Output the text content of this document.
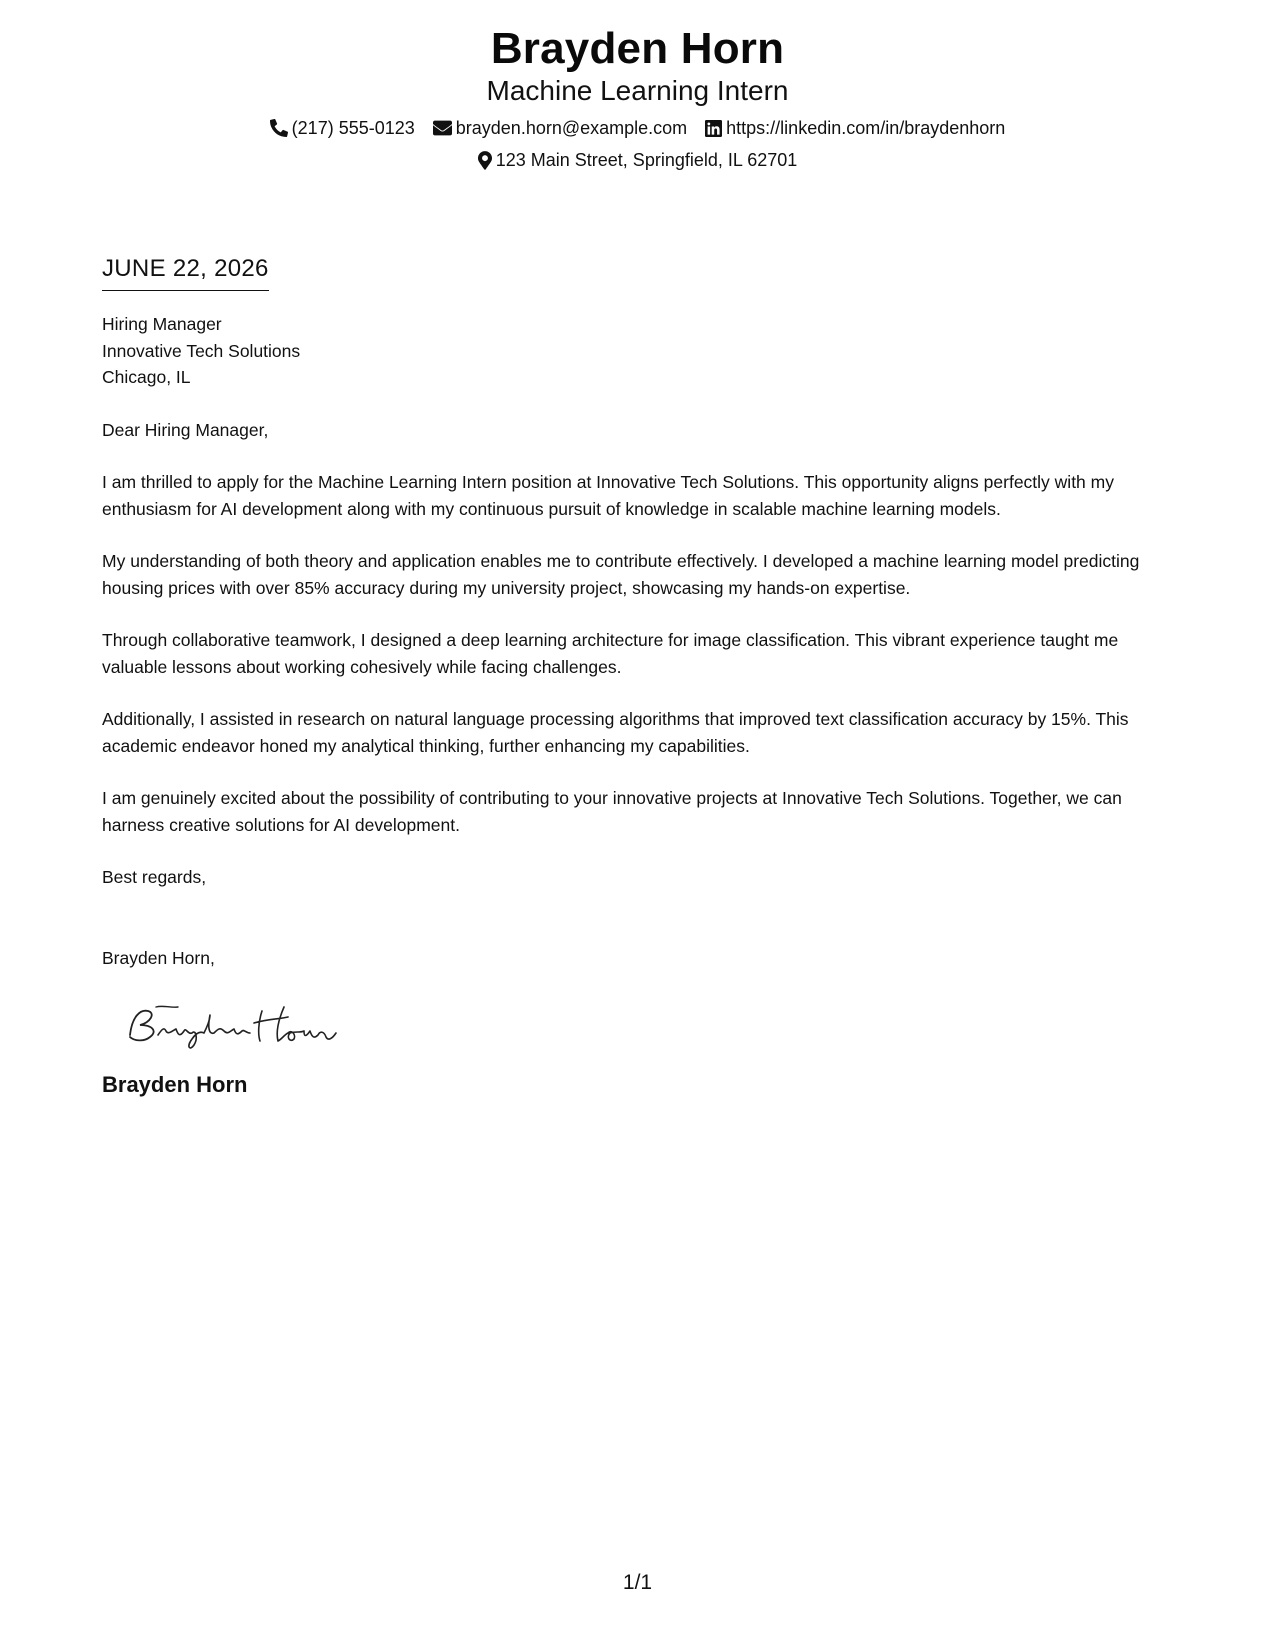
Brayden Horn
Machine Learning Intern
(217) 555-0123 brayden.horn@example.com https://linkedin.com/in/braydenhorn
123 Main Street, Springfield, IL 62701
JUNE 22, 2026
Hiring Manager
Innovative Tech Solutions
Chicago, IL
Dear Hiring Manager,
I am thrilled to apply for the Machine Learning Intern position at Innovative Tech Solutions. This opportunity aligns perfectly with my enthusiasm for AI development along with my continuous pursuit of knowledge in scalable machine learning models.
My understanding of both theory and application enables me to contribute effectively. I developed a machine learning model predicting housing prices with over 85% accuracy during my university project, showcasing my hands-on expertise.
Through collaborative teamwork, I designed a deep learning architecture for image classification. This vibrant experience taught me valuable lessons about working cohesively while facing challenges.
Additionally, I assisted in research on natural language processing algorithms that improved text classification accuracy by 15%. This academic endeavor honed my analytical thinking, further enhancing my capabilities.
I am genuinely excited about the possibility of contributing to your innovative projects at Innovative Tech Solutions. Together, we can harness creative solutions for AI development.
Best regards,
Brayden Horn,
Brayden Horn
1/1
